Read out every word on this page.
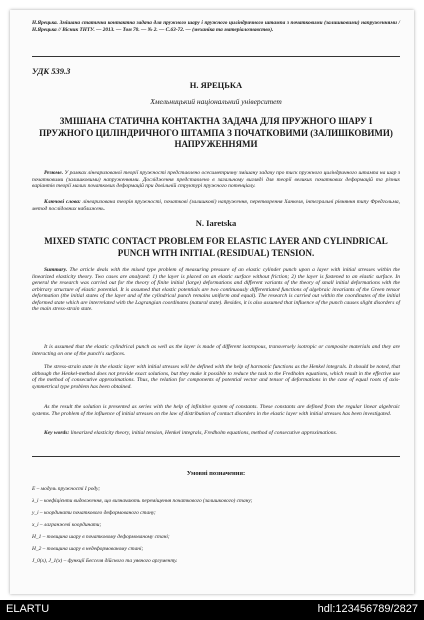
Н.Ярецька. Змішана статична контактна задача для пружного шару і пружного циліндричного штампа з початковими (залишковими) напруженнями / Н.Ярецька // Вісник ТНТУ. — 2013. — Том 70. — № 2. — С.63-72. — (механіка та матеріалознавство).
УДК 539.3
Н. ЯРЕЦЬКА
Хмельницький національний університет
ЗМІШАНА СТАТИЧНА КОНТАКТНА ЗАДАЧА ДЛЯ ПРУЖНОГО ШАРУ І ПРУЖНОГО ЦИЛІНДРИЧНОГО ШТАМПА З ПОЧАТКОВИМИ (ЗАЛИШКОВИМИ) НАПРУЖЕННЯМИ
Резюме. У рамках лінеаризованої теорії пружності представлено осесиметричну змішану задачу про тиск пружного циліндричного штампа на шар з початковими (залишковими) напруженнями. Дослідження представлено в загальному вигляді для теорії великих початкових деформацій та різних варіантів теорії малих початкових деформацій при довільній структурі пружного потенціалу.
Ключові слова: лінеаризована теорія пружності, початкові (залишкові) напруження, перетворення Ханкеля, інтегральні рівняння типу Фредгольма, метод послідовних наближень.
N. Iaretska
MIXED STATIC CONTACT PROBLEM FOR ELASTIC LAYER AND CYLINDRICAL PUNCH WITH INITIAL (RESIDUAL) TENSION.
Summary. The article deals with the mixed type problem of measuring pressure of an elastic cylinder punch upon a layer with initial stresses within the linearized elasticity theory. Two cases are analyzed: 1) the layer is placed on an elastic surface without friction; 2) the layer is fastened to an elastic surface. In general the research was carried out for the theory of finite initial (large) deformations and different variants of the theory of small initial deformations with the arbitrary structure of elastic potential. It is assumed that elastic potentials are two continuously differentiated functions of algebraic invariants of the Green tensor deformation (the initial states of the layer and of the cylindrical punch remains uniform and equal). The research is carried out within the coordinates of the initial deformed state which are interrelated with the Lagrangian coordinates (natural state). Besides, it is also assumed that influence of the punch causes slight disorders of the main stress-strain state.
It is assumed that the elastic cylindrical punch as well as the layer is made of different isotropous, transversely isotropic or composite materials and they are interacting on one of the punch's surfaces.
The stress-strain state in the elastic layer with initial stresses will be defined with the help of harmonic functions as the Henkel integrals. It should be noted, that although the Henkel-method does not provide exact solutions, but they make it possible to reduce the task to the Fredholm equations, which result in the effective use of the method of consecutive approximations. Thus, the relation for components of potential vector and tensor of deformations in the case of equal roots of axis-symmetrical type problem has been obtained.
As the result the solution is presented as series with the help of infinitive system of constants. These constants are defined from the regular linear algebraic systems. The problem of the influence of initial stresses on the law of distribution of contact disorders in the elastic layer with initial stresses has been investigated.
Key words: linearized elasticity theory, initial tension, Henkel integrals, Fredholm equations, method of consecutive approximations.
Умовні позначення:
E – модуль пружності I роду;
λ_i – коефіцієнти видовження, що визначають переміщення початкового (залишкового) стану;
y_i – координати початкового деформованого стану;
x_i – лагранжеві координати;
H_1 – товщина шару в початковому деформованому стані;
H_2 – товщина шару в недеформованому стані;
J_0(x), J_1(x) – функції Бесселя дійсного та уявного аргументу.
ELARTU	hdl:123456789/2827
